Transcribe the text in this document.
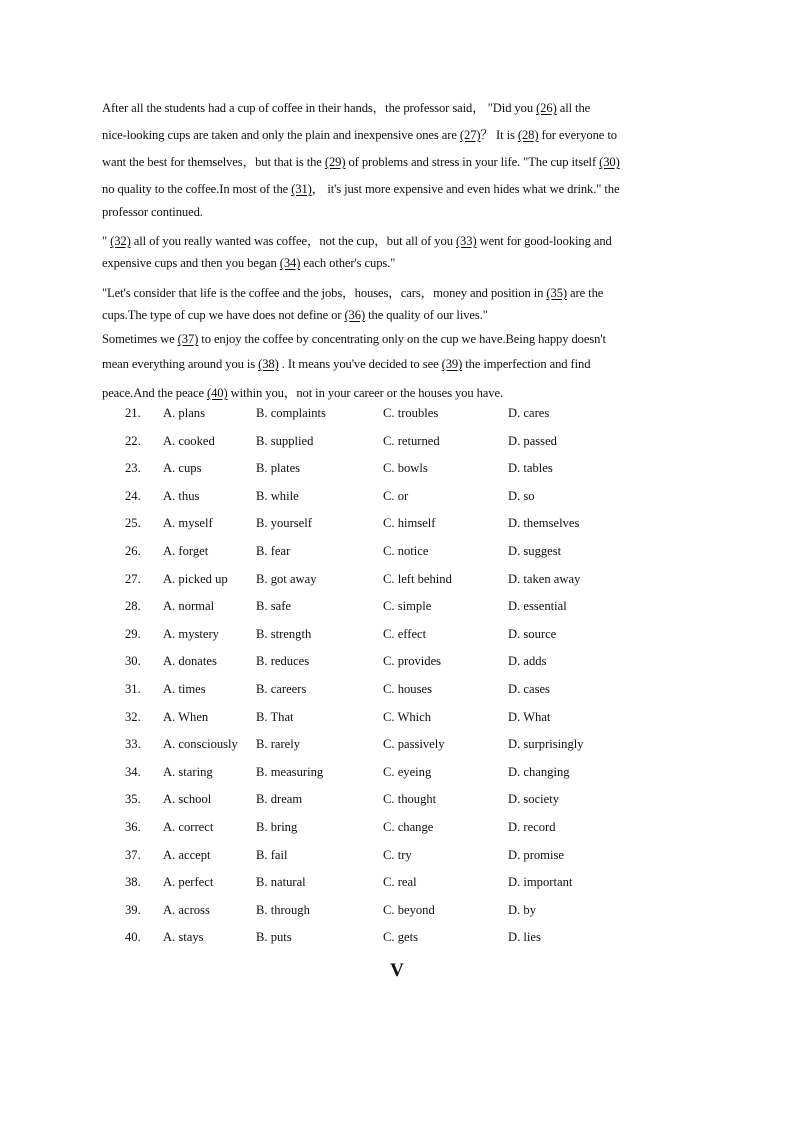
After all the students had a cup of coffee in their hands，the professor said， "Did you (26) all the
nice-looking cups are taken and only the plain and inexpensive ones are (27)？ It is (28) for everyone to
want the best for themselves，but that is the (29) of problems and stress in your life. "The cup itself (30)
no quality to the coffee.In most of the (31)， it's just more expensive and even hides what we drink." the
professor continued.
" (32) all of you really wanted was coffee，not the cup，but all of you (33) went for good-looking and
expensive cups and then you began (34) each other's cups."
"Let's consider that life is the coffee and the jobs，houses，cars，money and position in (35) are the
cups.The type of cup we have does not define or (36) the quality of our lives."
Sometimes we (37) to enjoy the coffee by concentrating only on the cup we have.Being happy doesn't
mean everything around you is (38) . It means you've decided to see (39) the imperfection and find
peace.And the peace (40) within you，not in your career or the houses you have.
21. A. plans	B. complaints	C. troubles	D. cares
22. A. cooked	B. supplied	C. returned	D. passed
23. A. cups	B. plates	C. bowls	D. tables
24. A. thus	B. while	C. or	D. so
25. A. myself	B. yourself	C. himself	D. themselves
26. A. forget	B. fear	C. notice	D. suggest
27. A. picked up B. got away	C. left behind	D. taken away
28. A. normal	B. safe	C. simple	D. essential
29. A. mystery	B. strength	C. effect	D. source
30. A. donates	B. reduces	C. provides	D. adds
31. A. times	B. careers	C. houses	D. cases
32. A. When	B. That	C. Which	D. What
33. A. consciously B. rarely	C. passively	D. surprisingly
34. A. staring	B. measuring	C. eyeing	D. changing
35. A. school	B. dream	C. thought	D. society
36. A. correct	B. bring	C. change	D. record
37. A. accept	B. fail	C. try	D. promise
38. A. perfect	B. natural	C. real	D. important
39. A. across	B. through	C. beyond	D. by
40. A. stays	B. puts	C. gets	D. lies
V
